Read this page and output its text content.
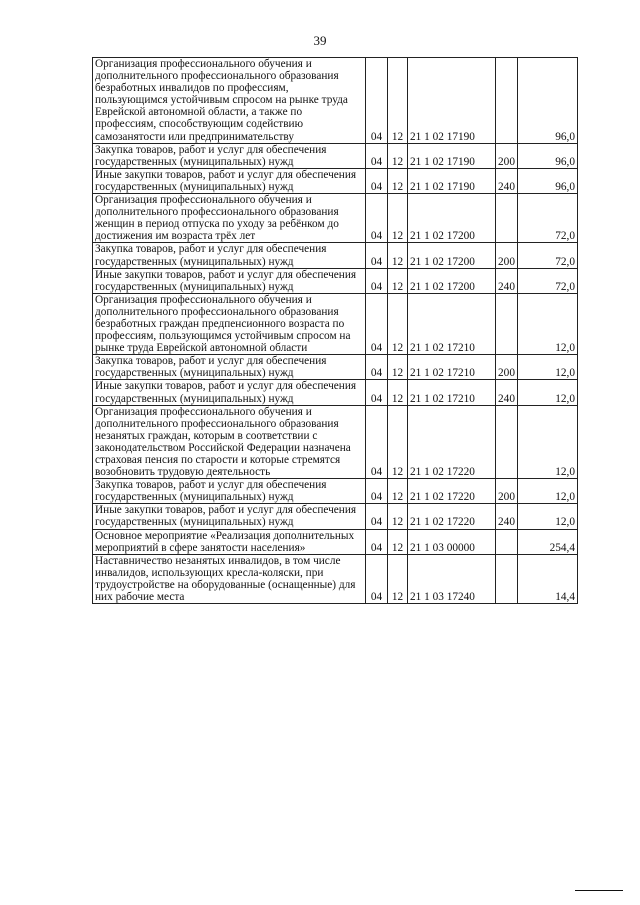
39
Организация профессионального обучения и дополнительного профессионального образования безработных инвалидов по профессиям, пользующимся устойчивым спросом на рынке труда Еврейской автономной области, а также по профессиям, способствующим содействию самозанятости или предпринимательству	04	12	21 1 02 17190		96,0
Закупка товаров, работ и услуг для обеспечения государственных (муниципальных) нужд	04	12	21 1 02 17190	200	96,0
Иные закупки товаров, работ и услуг для обеспечения государственных (муниципальных) нужд	04	12	21 1 02 17190	240	96,0
Организация профессионального обучения и дополнительного профессионального образования женщин в период отпуска по уходу за ребёнком до достижения им возраста трёх лет	04	12	21 1 02 17200		72,0
Закупка товаров, работ и услуг для обеспечения государственных (муниципальных) нужд	04	12	21 1 02 17200	200	72,0
Иные закупки товаров, работ и услуг для обеспечения государственных (муниципальных) нужд	04	12	21 1 02 17200	240	72,0
Организация профессионального обучения и дополнительного профессионального образования безработных граждан предпенсионного возраста по профессиям, пользующимся устойчивым спросом на рынке труда Еврейской автономной области	04	12	21 1 02 17210		12,0
Закупка товаров, работ и услуг для обеспечения государственных (муниципальных) нужд	04	12	21 1 02 17210	200	12,0
Иные закупки товаров, работ и услуг для обеспечения государственных (муниципальных) нужд	04	12	21 1 02 17210	240	12,0
Организация профессионального обучения и дополнительного профессионального образования незанятых граждан, которым в соответствии с законодательством Российской Федерации назначена страховая пенсия по старости и которые стремятся возобновить трудовую деятельность	04	12	21 1 02 17220		12,0
Закупка товаров, работ и услуг для обеспечения государственных (муниципальных) нужд	04	12	21 1 02 17220	200	12,0
Иные закупки товаров, работ и услуг для обеспечения государственных (муниципальных) нужд	04	12	21 1 02 17220	240	12,0
Основное мероприятие «Реализация дополнительных мероприятий в сфере занятости населения»	04	12	21 1 03 00000		254,4
Наставничество незанятых инвалидов, в том числе инвалидов, использующих кресла-коляски, при трудоустройстве на оборудованные (оснащенные) для них рабочие места	04	12	21 1 03 17240		14,4
